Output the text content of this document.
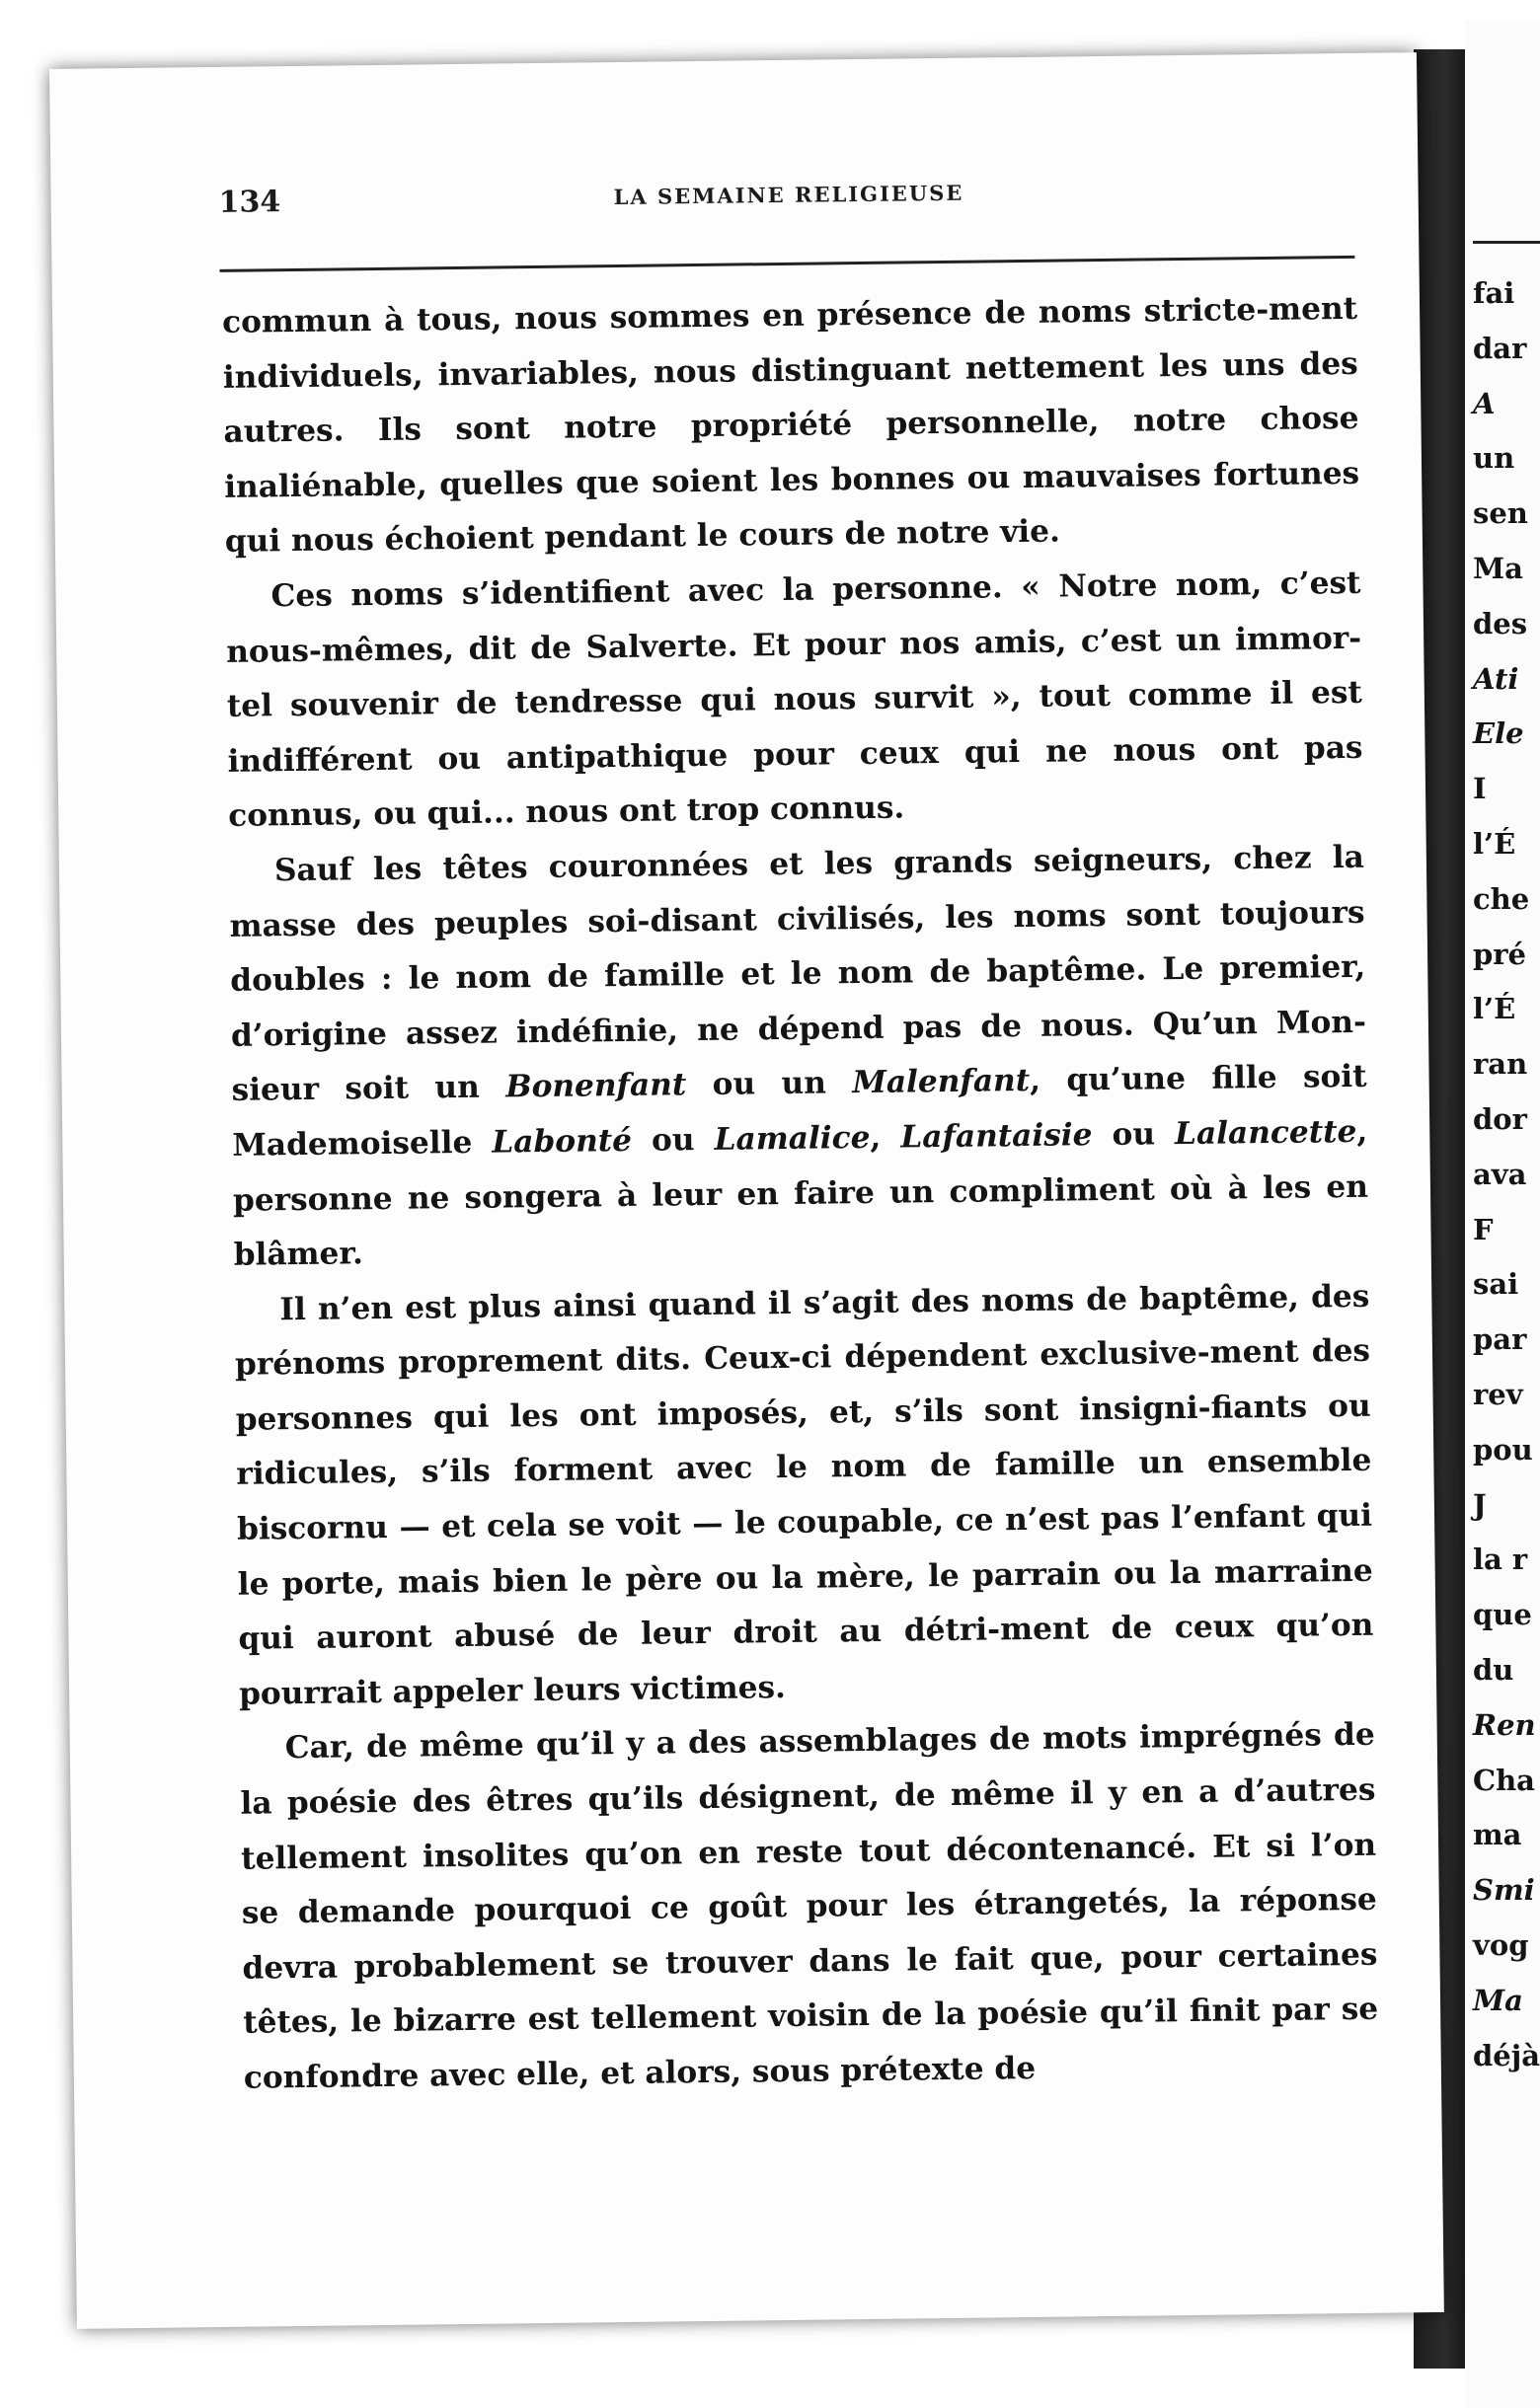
fai
dar
A
un
sen
Ma
des
Ati
Ele
I
l’É
che
pré
l’É
ran
dor
ava
F
sai
par
rev
pou
J
la r
que
du
Ren
Cha
ma
Smi
vog
Ma
déjà
134	LA SEMAINE RELIGIEUSE

commun à tous, nous sommes en présence de noms stricte-ment individuels, invariables, nous distinguant nettement les uns des autres. Ils sont notre propriété personnelle, notre chose inaliénable, quelles que soient les bonnes ou mauvaises fortunes qui nous échoient pendant le cours de notre vie.

Ces noms s’identifient avec la personne. « Notre nom, c’est nous-mêmes, dit de Salverte. Et pour nos amis, c’est un immor-tel souvenir de tendresse qui nous survit », tout comme il est indifférent ou antipathique pour ceux qui ne nous ont pas connus, ou qui... nous ont trop connus.

Sauf les têtes couronnées et les grands seigneurs, chez la masse des peuples soi-disant civilisés, les noms sont toujours doubles : le nom de famille et le nom de baptême. Le premier, d’origine assez indéfinie, ne dépend pas de nous. Qu’un Mon-sieur soit un Bonenfant ou un Malenfant, qu’une fille soit Mademoiselle Labonté ou Lamalice, Lafantaisie ou Lalancette, personne ne songera à leur en faire un compliment où à les en blâmer.

Il n’en est plus ainsi quand il s’agit des noms de baptême, des prénoms proprement dits. Ceux-ci dépendent exclusive-ment des personnes qui les ont imposés, et, s’ils sont insigni-fiants ou ridicules, s’ils forment avec le nom de famille un ensemble biscornu — et cela se voit — le coupable, ce n’est pas l’enfant qui le porte, mais bien le père ou la mère, le parrain ou la marraine qui auront abusé de leur droit au détri-ment de ceux qu’on pourrait appeler leurs victimes.

Car, de même qu’il y a des assemblages de mots imprégnés de la poésie des êtres qu’ils désignent, de même il y en a d’autres tellement insolites qu’on en reste tout décontenancé. Et si l’on se demande pourquoi ce goût pour les étrangetés, la réponse devra probablement se trouver dans le fait que, pour certaines têtes, le bizarre est tellement voisin de la poésie qu’il finit par se confondre avec elle, et alors, sous prétexte de
